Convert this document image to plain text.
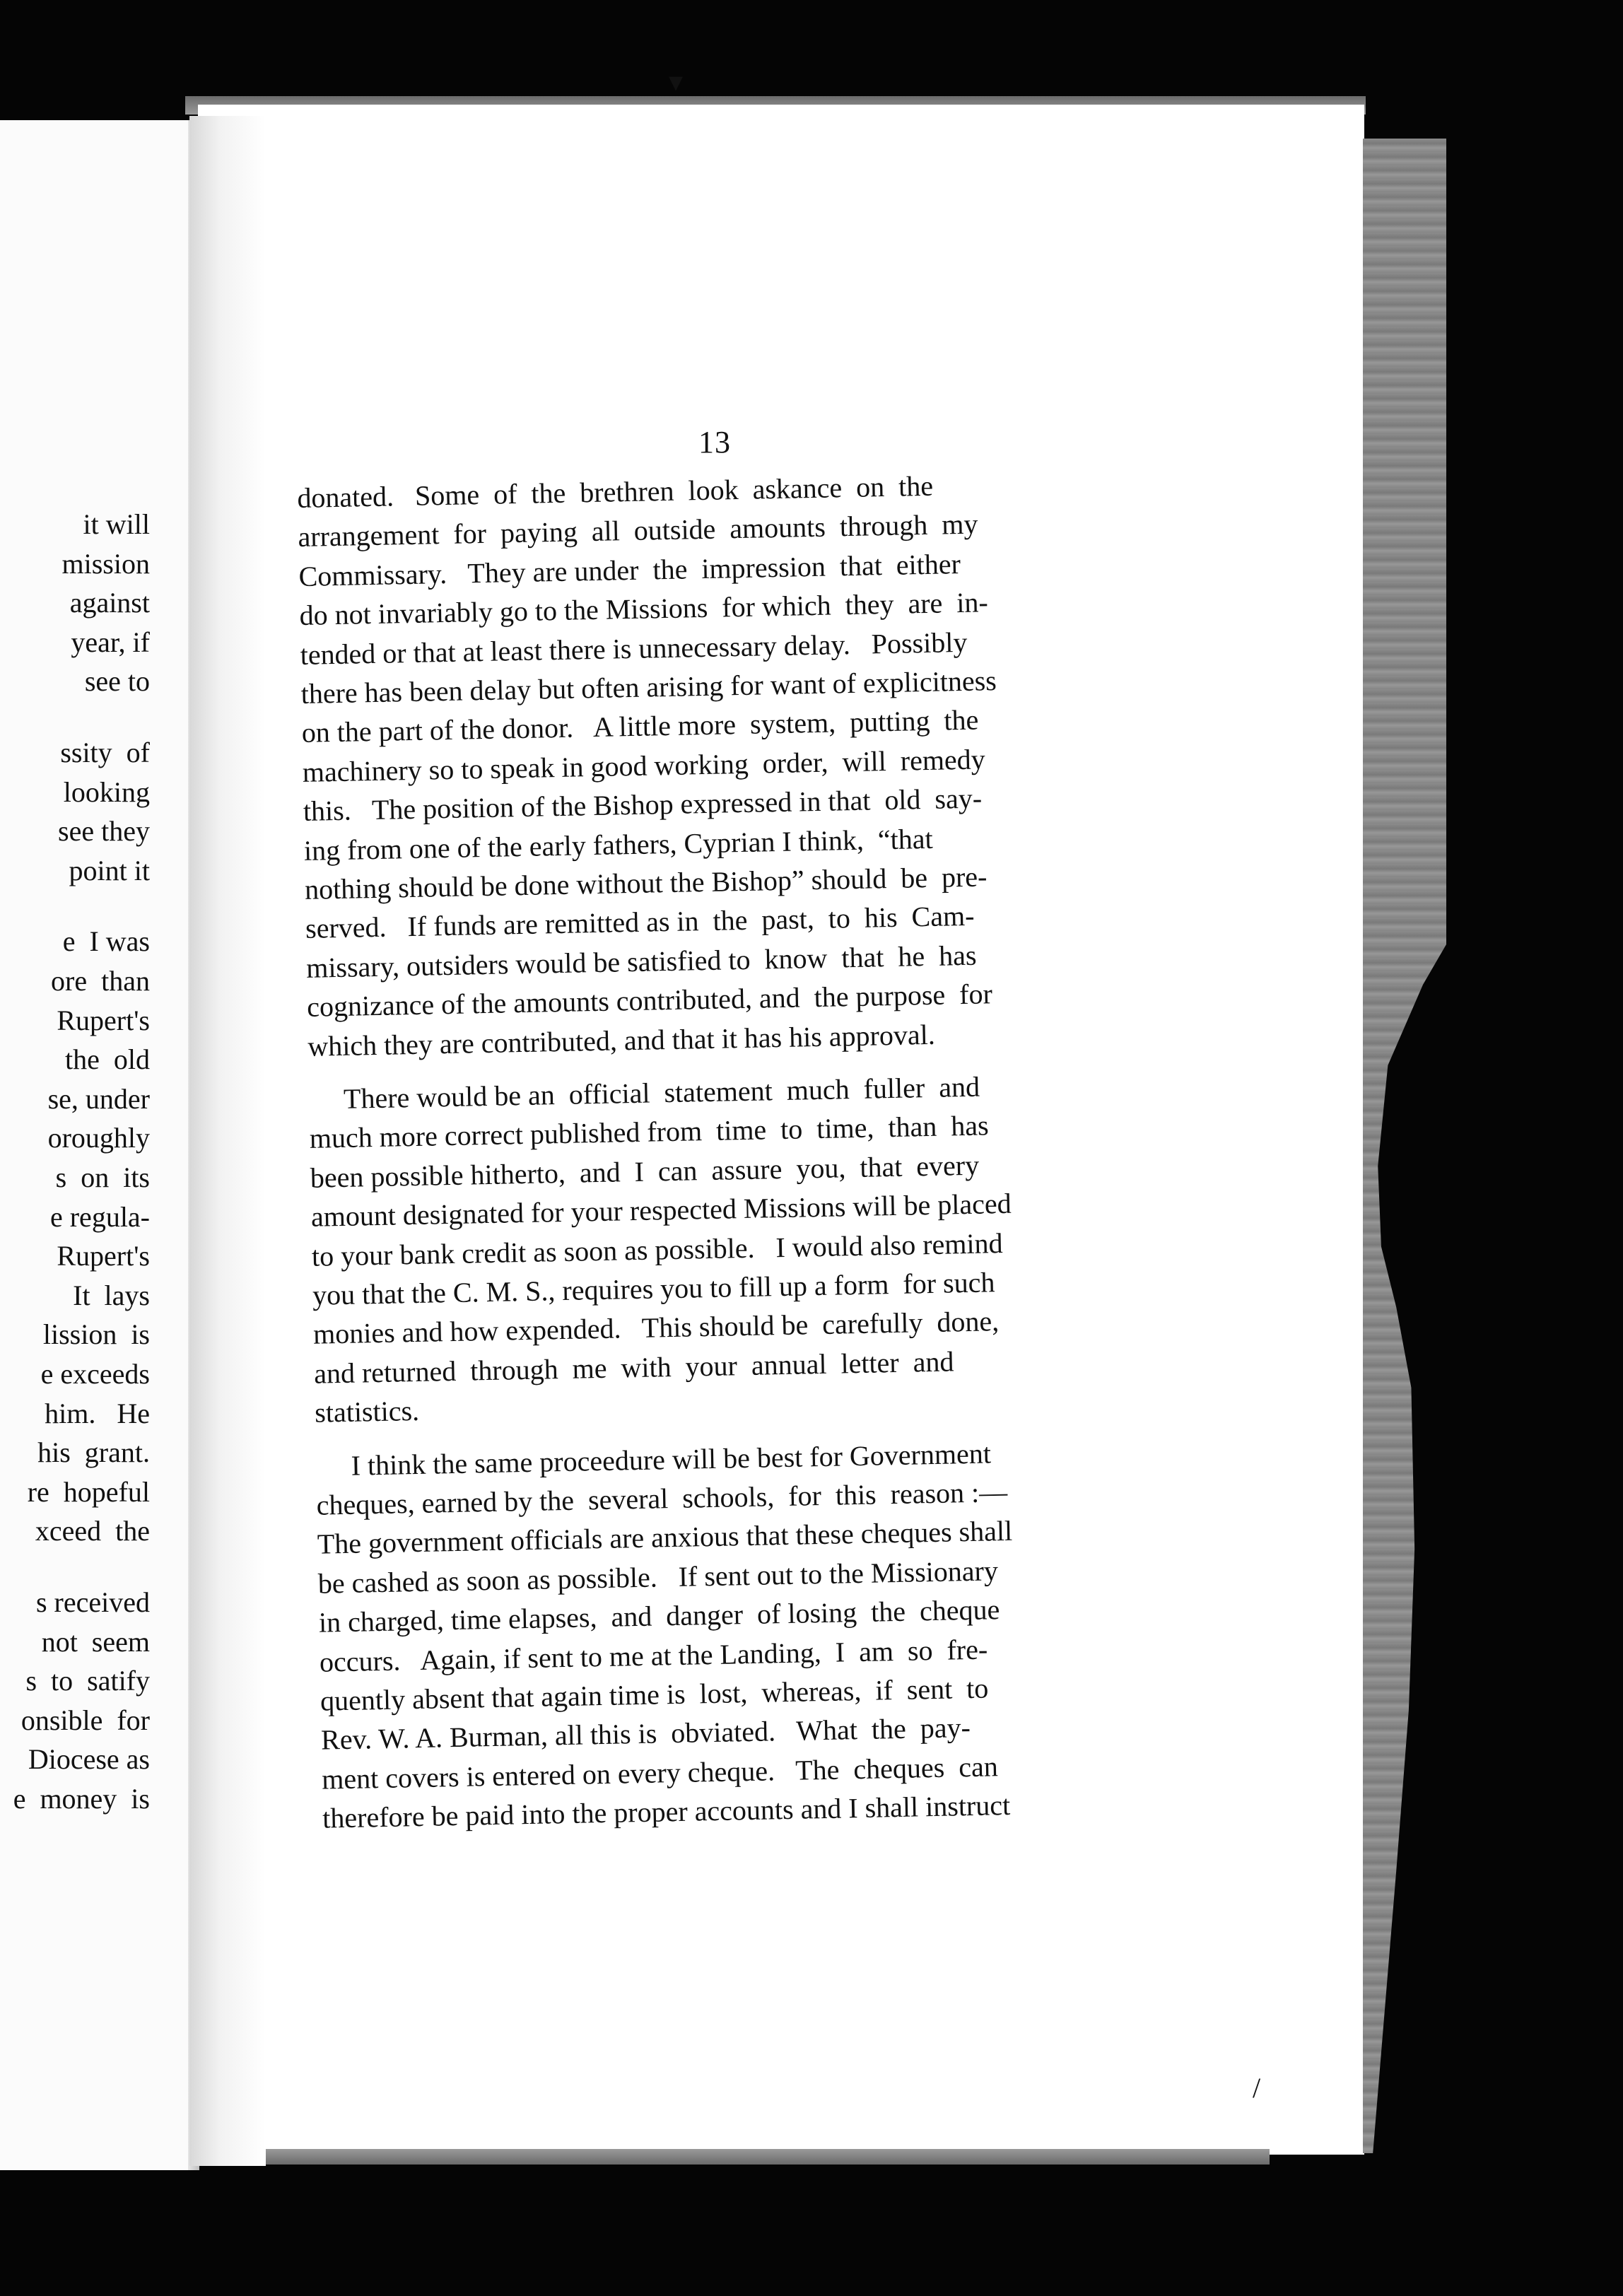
it will
mission
against
year, if
see to
ssity  of
looking
see they
point it
e  I was
ore  than
Rupert's
the  old
se, under
oroughly
s  on  its
e regula-
Rupert's
It  lays
lission  is
e exceeds
him.   He
his  grant.
re  hopeful
xceed  the
s received
not  seem
s  to  satify
onsible  for
Diocese as
e  money  is
13
donated.   Some  of  the  brethren  look  askance  on  the
arrangement  for  paying  all  outside  amounts  through  my
Commissary.   They are under  the  impression  that  either
do not invariably go to the Missions  for which  they  are  in-
tended or that at least there is unnecessary delay.   Possibly
there has been delay but often arising for want of explicitness
on the part of the donor.   A little more  system,  putting  the
machinery so to speak in good working  order,  will  remedy
this.   The position of the Bishop expressed in that  old  say-
ing from one of the early fathers, Cyprian I think,  “that
nothing should be done without the Bishop” should  be  pre-
served.   If funds are remitted as in  the  past,  to  his  Cam-
missary, outsiders would be satisfied to  know  that  he  has
cognizance of the amounts contributed, and  the purpose  for
which they are contributed, and that it has his approval.
There would be an  official  statement  much  fuller  and
much more correct published from  time  to  time,  than  has
been possible hitherto,  and  I  can  assure  you,  that  every
amount designated for your respected Missions will be placed
to your bank credit as soon as possible.   I would also remind
you that the C. M. S., requires you to fill up a form  for such
monies and how expended.   This should be  carefully  done,
and returned  through  me  with  your  annual  letter  and
statistics.
I think the same proceedure will be best for Government
cheques, earned by the  several  schools,  for  this  reason :—
The government officials are anxious that these cheques shall
be cashed as soon as possible.   If sent out to the Missionary
in charged, time elapses,  and  danger  of losing  the  cheque
occurs.   Again, if sent to me at the Landing,  I  am  so  fre-
quently absent that again time is  lost,  whereas,  if  sent  to
Rev. W. A. Burman, all this is  obviated.   What  the  pay-
ment covers is entered on every cheque.   The  cheques  can
therefore be paid into the proper accounts and I shall instruct
▾
/
